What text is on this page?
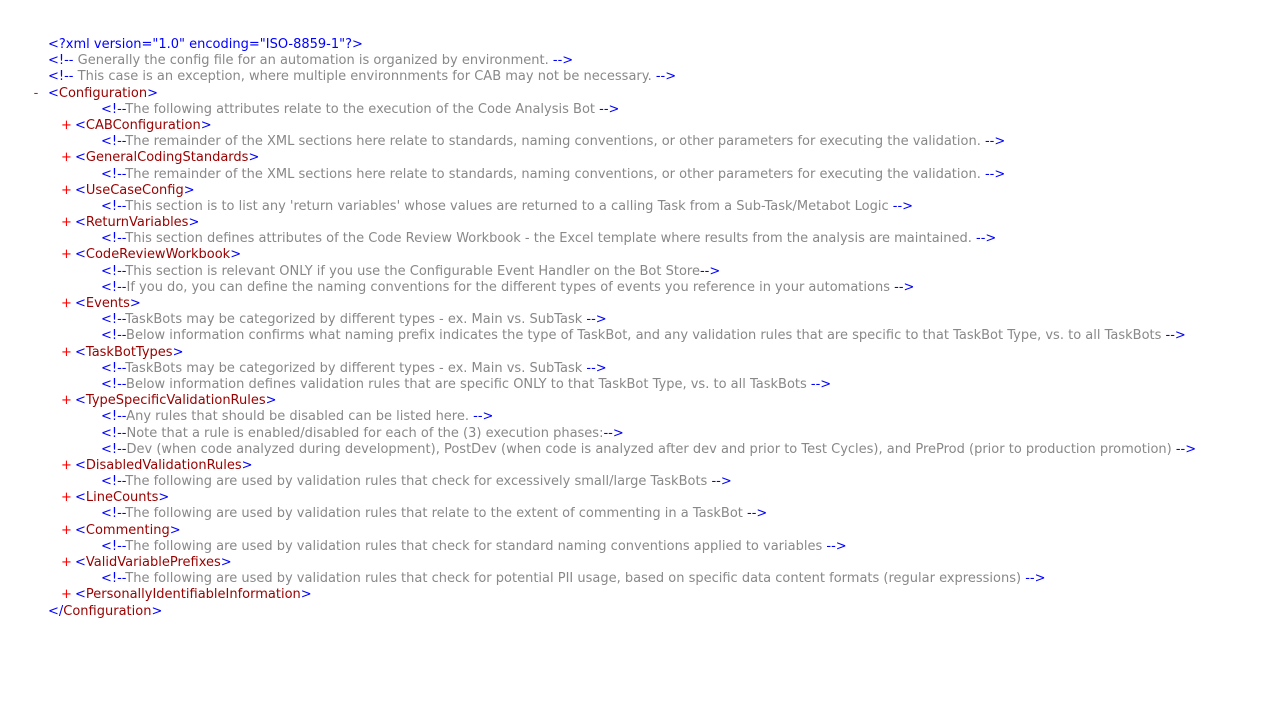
<?xml version="1.0" encoding="ISO-8859-1"?>
<!-- Generally the config file for an automation is organized by environment. -->
<!-- This case is an exception, where multiple environnments for CAB may not be necessary. -->
- <Configuration>
<!--The following attributes relate to the execution of the Code Analysis Bot -->
+ <CABConfiguration>
<!--The remainder of the XML sections here relate to standards, naming conventions, or other parameters for executing the validation. -->
+ <GeneralCodingStandards>
<!--The remainder of the XML sections here relate to standards, naming conventions, or other parameters for executing the validation. -->
+ <UseCaseConfig>
<!--This section is to list any 'return variables' whose values are returned to a calling Task from a Sub-Task/Metabot Logic -->
+ <ReturnVariables>
<!--This section defines attributes of the Code Review Workbook - the Excel template where results from the analysis are maintained. -->
+ <CodeReviewWorkbook>
<!--This section is relevant ONLY if you use the Configurable Event Handler on the Bot Store-->
<!--If you do, you can define the naming conventions for the different types of events you reference in your automations -->
+ <Events>
<!--TaskBots may be categorized by different types - ex. Main vs. SubTask -->
<!--Below information confirms what naming prefix indicates the type of TaskBot, and any validation rules that are specific to that TaskBot Type, vs. to all TaskBots -->
+ <TaskBotTypes>
<!--TaskBots may be categorized by different types - ex. Main vs. SubTask -->
<!--Below information defines validation rules that are specific ONLY to that TaskBot Type, vs. to all TaskBots -->
+ <TypeSpecificValidationRules>
<!--Any rules that should be disabled can be listed here. -->
<!--Note that a rule is enabled/disabled for each of the (3) execution phases:-->
<!--Dev (when code analyzed during development), PostDev (when code is analyzed after dev and prior to Test Cycles), and PreProd (prior to production promotion) -->
+ <DisabledValidationRules>
<!--The following are used by validation rules that check for excessively small/large TaskBots -->
+ <LineCounts>
<!--The following are used by validation rules that relate to the extent of commenting in a TaskBot -->
+ <Commenting>
<!--The following are used by validation rules that check for standard naming conventions applied to variables -->
+ <ValidVariablePrefixes>
<!--The following are used by validation rules that check for potential PII usage, based on specific data content formats (regular expressions) -->
+ <PersonallyIdentifiableInformation>
</Configuration>
